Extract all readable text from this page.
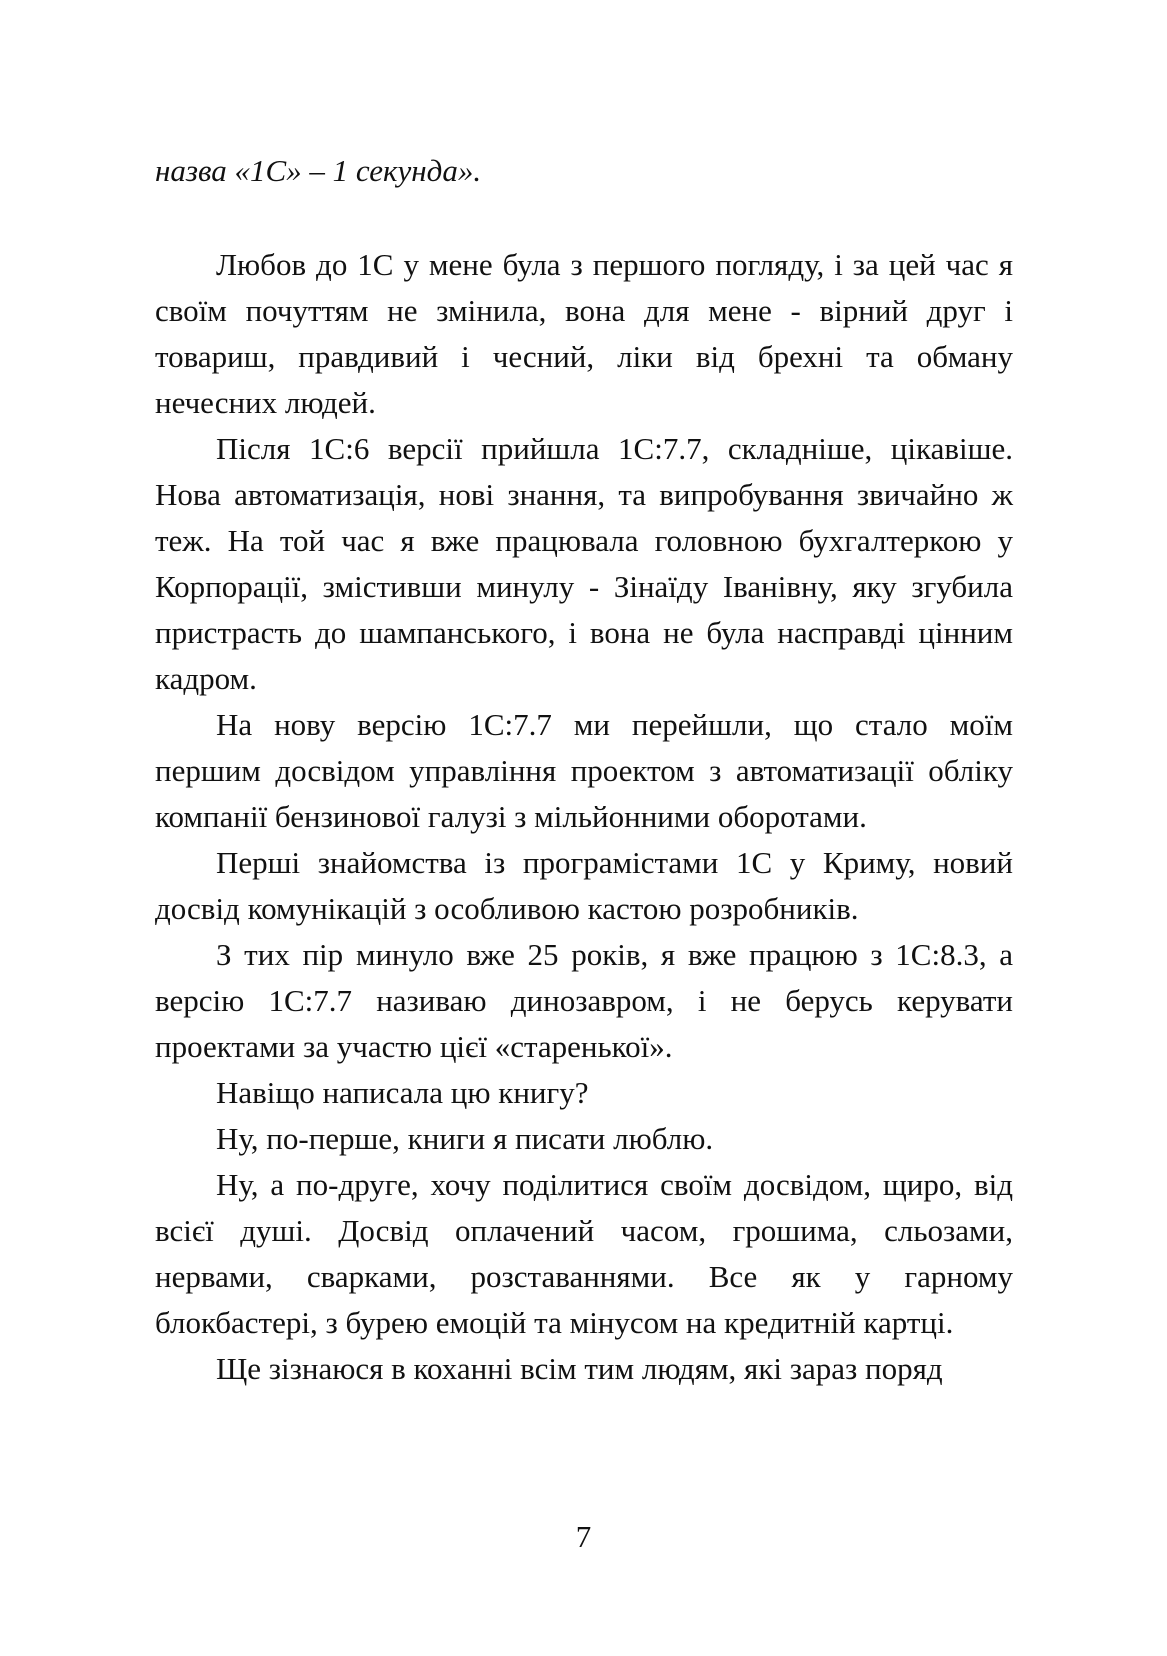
назва «1С» – 1 секунда».

Любов до 1С у мене була з першого погляду, і за цей час я своїм почуттям не змінила, вона для мене - вірний друг і товариш, правдивий і чесний, ліки від брехні та обману нечесних людей.

Після 1С:6 версії прийшла 1С:7.7, складніше, цікавіше. Нова автоматизація, нові знання, та випробування звичайно ж теж. На той час я вже працювала головною бухгалтеркою у Корпорації, змістивши минулу - Зінаїду Іванівну, яку згубила пристрасть до шампанського, і вона не була насправді цінним кадром.

На нову версію 1С:7.7 ми перейшли, що стало моїм першим досвідом управління проектом з автоматизації обліку компанії бензинової галузі з мільйонними оборотами.

Перші знайомства із програмістами 1С у Криму, новий досвід комунікацій з особливою кастою розробників.

З тих пір минуло вже 25 років, я вже працюю з 1С:8.3, а версію 1С:7.7 називаю динозавром, і не берусь керувати проектами за участю цієї «старенької».

Навіщо написала цю книгу?

Ну, по-перше, книги я писати люблю.

Ну, а по-друге, хочу поділитися своїм досвідом, щиро, від всієї душі. Досвід оплачений часом, грошима, сльозами, нервами, сварками, розставаннями. Все як у гарному блокбастері, з бурею емоцій та мінусом на кредитній картці.

Ще зізнаюся в коханні всім тим людям, які зараз поряд

7
